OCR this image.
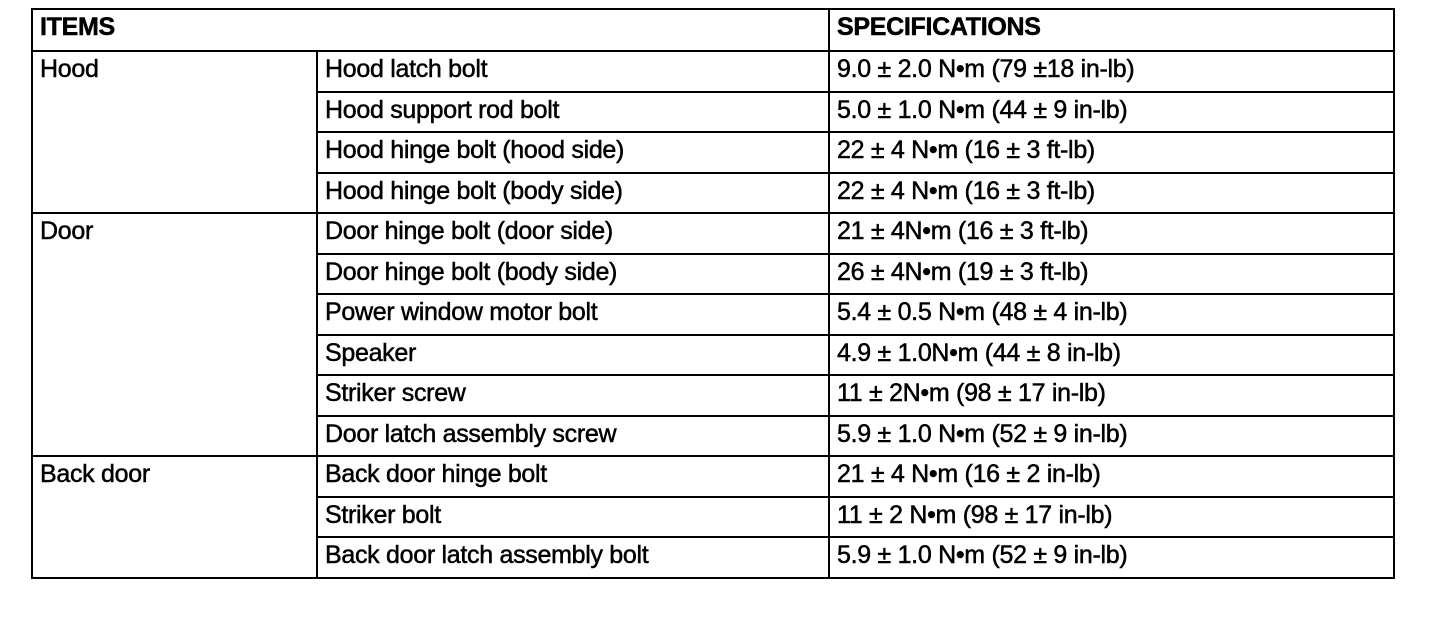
ITEMS		SPECIFICATIONS
Hood	Hood latch bolt	9.0 ± 2.0 N•m (79 ±18 in-lb)
	Hood support rod bolt	5.0 ± 1.0 N•m (44 ± 9 in-lb)
	Hood hinge bolt (hood side)	22 ± 4 N•m (16 ± 3 ft-lb)
	Hood hinge bolt (body side)	22 ± 4 N•m (16 ± 3 ft-lb)
Door	Door hinge bolt (door side)	21 ± 4N•m (16 ± 3 ft-lb)
	Door hinge bolt (body side)	26 ± 4N•m (19 ± 3 ft-lb)
	Power window motor bolt	5.4 ± 0.5 N•m (48 ± 4 in-lb)
	Speaker	4.9 ± 1.0N•m (44 ± 8 in-lb)
	Striker screw	11 ± 2N•m (98 ± 17 in-lb)
	Door latch assembly screw	5.9 ± 1.0 N•m (52 ± 9 in-lb)
Back door	Back door hinge bolt	21 ± 4 N•m (16 ± 2 in-lb)
	Striker bolt	11 ± 2 N•m (98 ± 17 in-lb)
	Back door latch assembly bolt	5.9 ± 1.0 N•m (52 ± 9 in-lb)
